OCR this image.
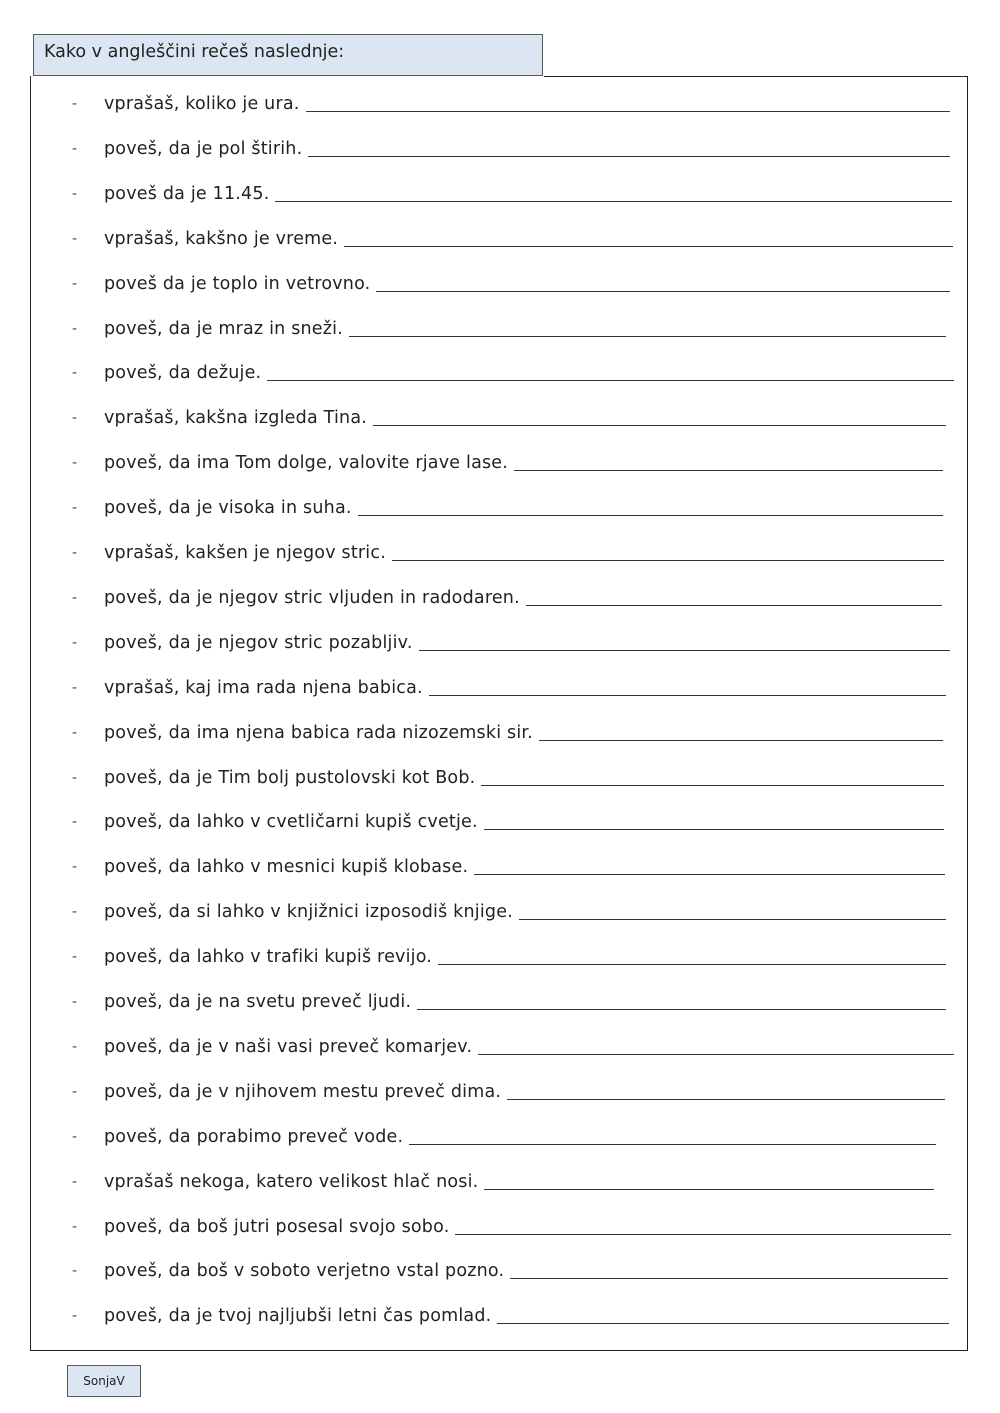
Kako v angleščini rečeš naslednje:
-	vprašaš, koliko je ura.
-	poveš, da je pol štirih.
-	poveš da je 11.45.
-	vprašaš, kakšno je vreme.
-	poveš da je toplo in vetrovno.
-	poveš, da je mraz in sneži.
-	poveš, da dežuje.
-	vprašaš, kakšna izgleda Tina.
-	poveš, da ima Tom dolge, valovite rjave lase.
-	poveš, da je visoka in suha.
-	vprašaš, kakšen je njegov stric.
-	poveš, da je njegov stric vljuden in radodaren.
-	poveš, da je njegov stric pozabljiv.
-	vprašaš, kaj ima rada njena babica.
-	poveš, da ima njena babica rada nizozemski sir.
-	poveš, da je Tim bolj pustolovski kot Bob.
-	poveš, da lahko v cvetličarni kupiš cvetje.
-	poveš, da lahko v mesnici kupiš klobase.
-	poveš, da si lahko v knjižnici izposodiš knjige.
-	poveš, da lahko v trafiki kupiš revijo.
-	poveš, da je na svetu preveč ljudi.
-	poveš, da je v naši vasi preveč komarjev.
-	poveš, da je v njihovem mestu preveč dima.
-	poveš, da porabimo preveč vode.
-	vprašaš nekoga, katero velikost hlač nosi.
-	poveš, da boš jutri posesal svojo sobo.
-	poveš, da boš v soboto verjetno vstal pozno.
-	poveš, da je tvoj najljubši letni čas pomlad.
SonjaV
